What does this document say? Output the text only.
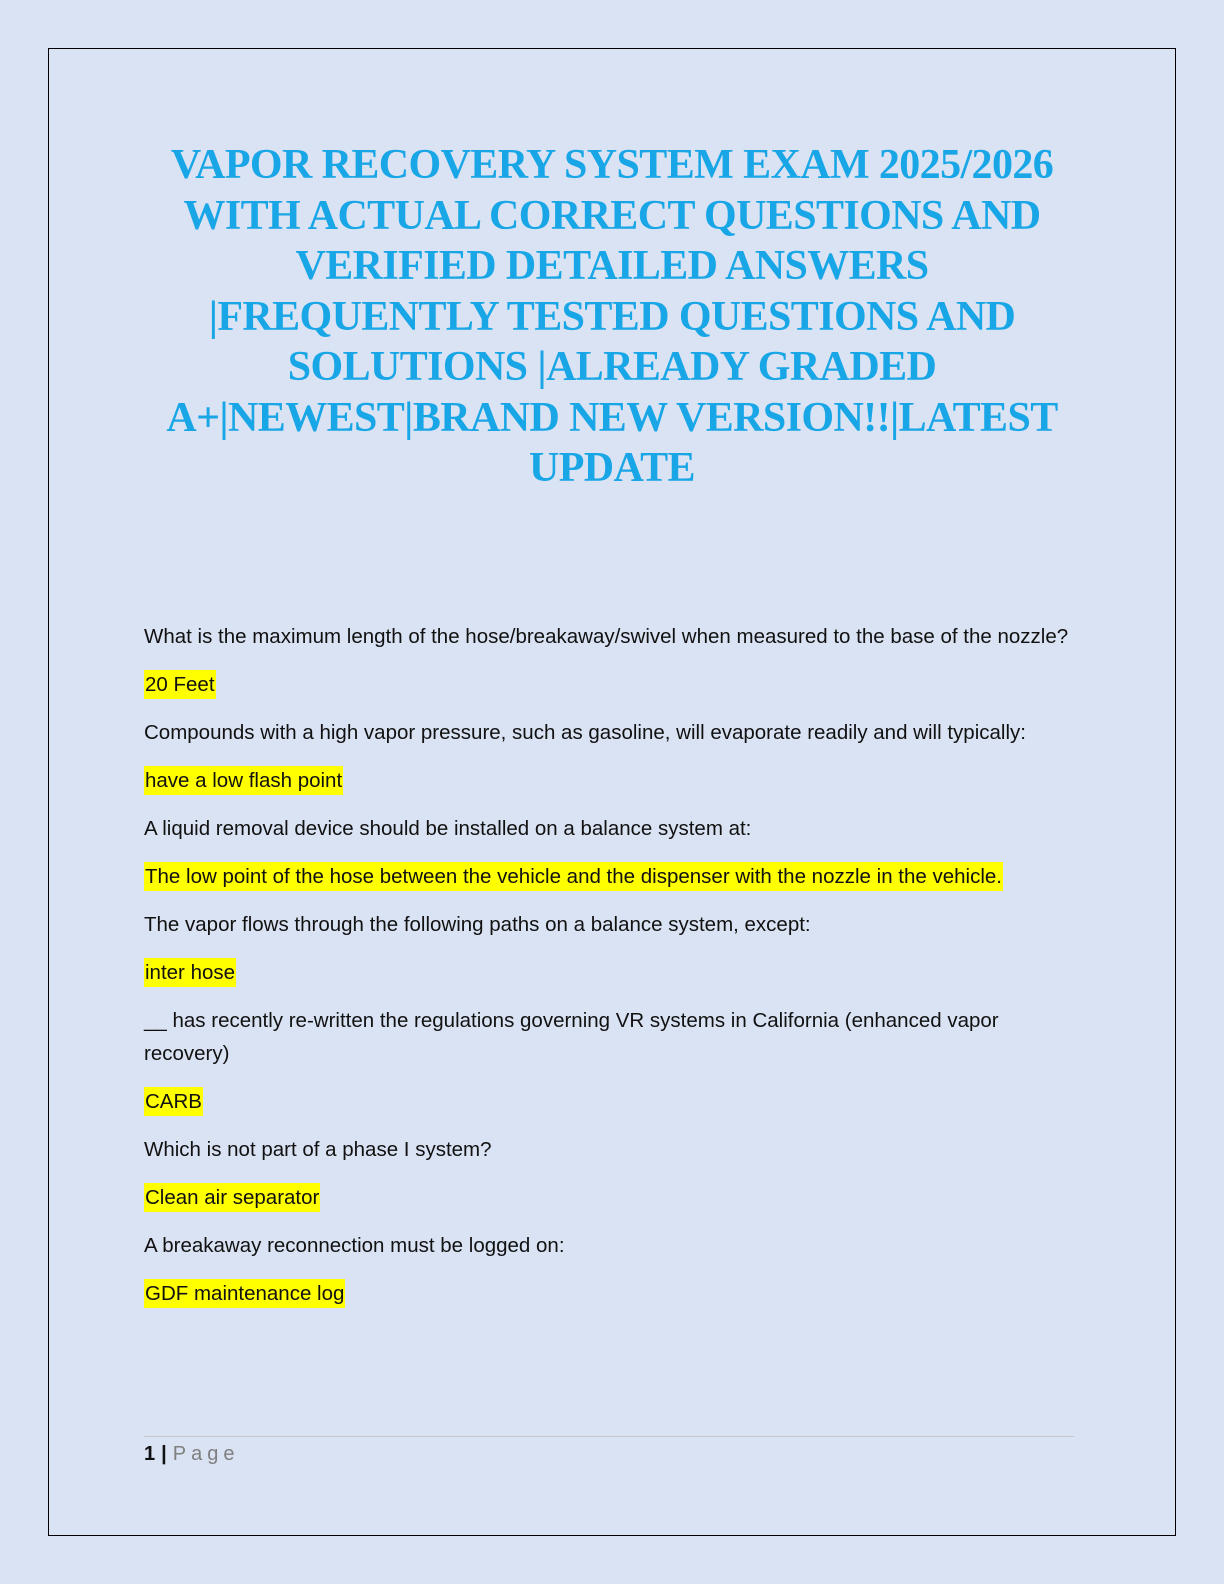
VAPOR RECOVERY SYSTEM EXAM 2025/2026
WITH ACTUAL CORRECT QUESTIONS AND
VERIFIED DETAILED ANSWERS
|FREQUENTLY TESTED QUESTIONS AND
SOLUTIONS |ALREADY GRADED
A+|NEWEST|BRAND NEW VERSION!!|LATEST
UPDATE

What is the maximum length of the hose/breakaway/swivel when measured to the base of the nozzle?

20 Feet

Compounds with a high vapor pressure, such as gasoline, will evaporate readily and will typically:

have a low flash point

A liquid removal device should be installed on a balance system at:

The low point of the hose between the vehicle and the dispenser with the nozzle in the vehicle.

The vapor flows through the following paths on a balance system, except:

inter hose

__ has recently re-written the regulations governing VR systems in California (enhanced vapor recovery)

CARB

Which is not part of a phase I system?

Clean air separator

A breakaway reconnection must be logged on:

GDF maintenance log

1 | Page
